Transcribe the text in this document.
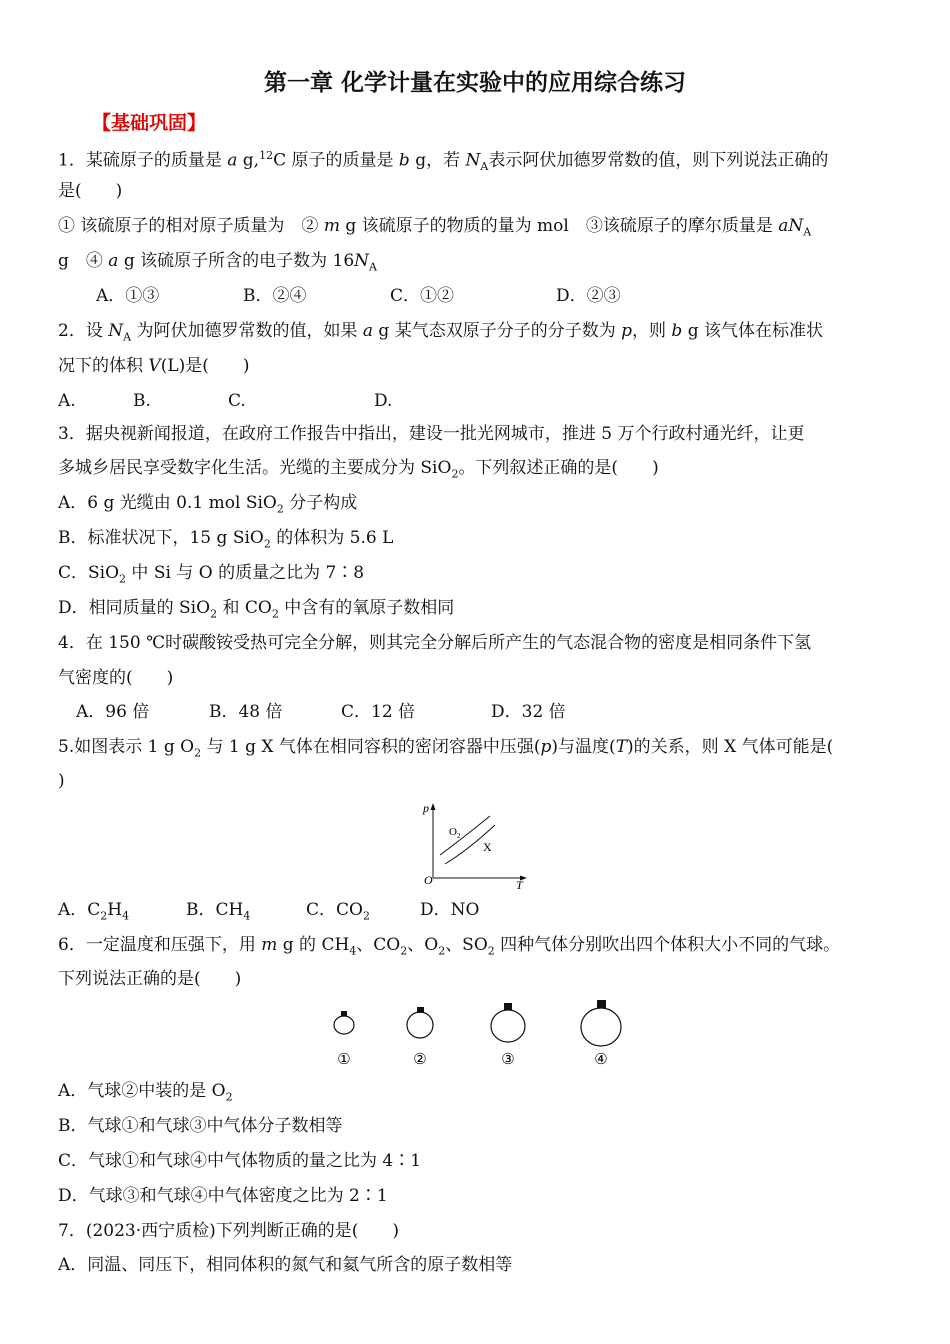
第一章 化学计量在实验中的应用综合练习
【基础巩固】
1．某硫原子的质量是 a g,$^{12}$C 原子的质量是 b g，若 $N_A$表示阿伏加德罗常数的值，则下列说法正确的
是(　　)
① 该硫原子的相对原子质量为　② m g 该硫原子的物质的量为 mol　③该硫原子的摩尔质量是 $aN_A$
g　④ a g 该硫原子所含的电子数为 $16N_A$
A．①③	B．②④	C．①②	D．②③
2．设 $N_A$ 为阿伏加德罗常数的值，如果 a g 某气态双原子分子的分子数为 p，则 b g 该气体在标准状
况下的体积 V(L)是(　　)
A.	B.	C.	D.
3．据央视新闻报道，在政府工作报告中指出，建设一批光网城市，推进 5 万个行政村通光纤，让更
多城乡居民享受数字化生活。光缆的主要成分为 SiO$_2$。下列叙述正确的是(　　)
A．6 g 光缆由 0.1 mol SiO$_2$ 分子构成
B．标准状况下，15 g SiO$_2$ 的体积为 5.6 L
C．SiO$_2$ 中 Si 与 O 的质量之比为 7∶8
D．相同质量的 SiO$_2$ 和 $CO_2$ 中含有的氧原子数相同
4．在 150 ℃时碳酸铵受热可完全分解，则其完全分解后所产生的气态混合物的密度是相同条件下氢
气密度的(　　)
A．96 倍	B．48 倍	C．12 倍	D．32 倍
5.如图表示 1 g $O_2$ 与 1 g X 气体在相同容积的密闭容器中压强(p)与温度(T)的关系，则 X 气体可能是(
)
p
$O_2$
X
O	T
A．$C_2H_4$	B．$CH_4$	C．$CO_2$	D．NO
6．一定温度和压强下，用 m g 的 $CH_4$、$CO_2$、$O_2$、$SO_2$ 四种气体分别吹出四个体积大小不同的气球。
下列说法正确的是(　　)
①	②	③	④
A．气球②中装的是 $O_2$
B．气球①和气球③中气体分子数相等
C．气球①和气球④中气体物质的量之比为 4∶1
D．气球③和气球④中气体密度之比为 2∶1
7．(2023·西宁质检)下列判断正确的是(　　)
A．同温、同压下，相同体积的氮气和氦气所含的原子数相等
